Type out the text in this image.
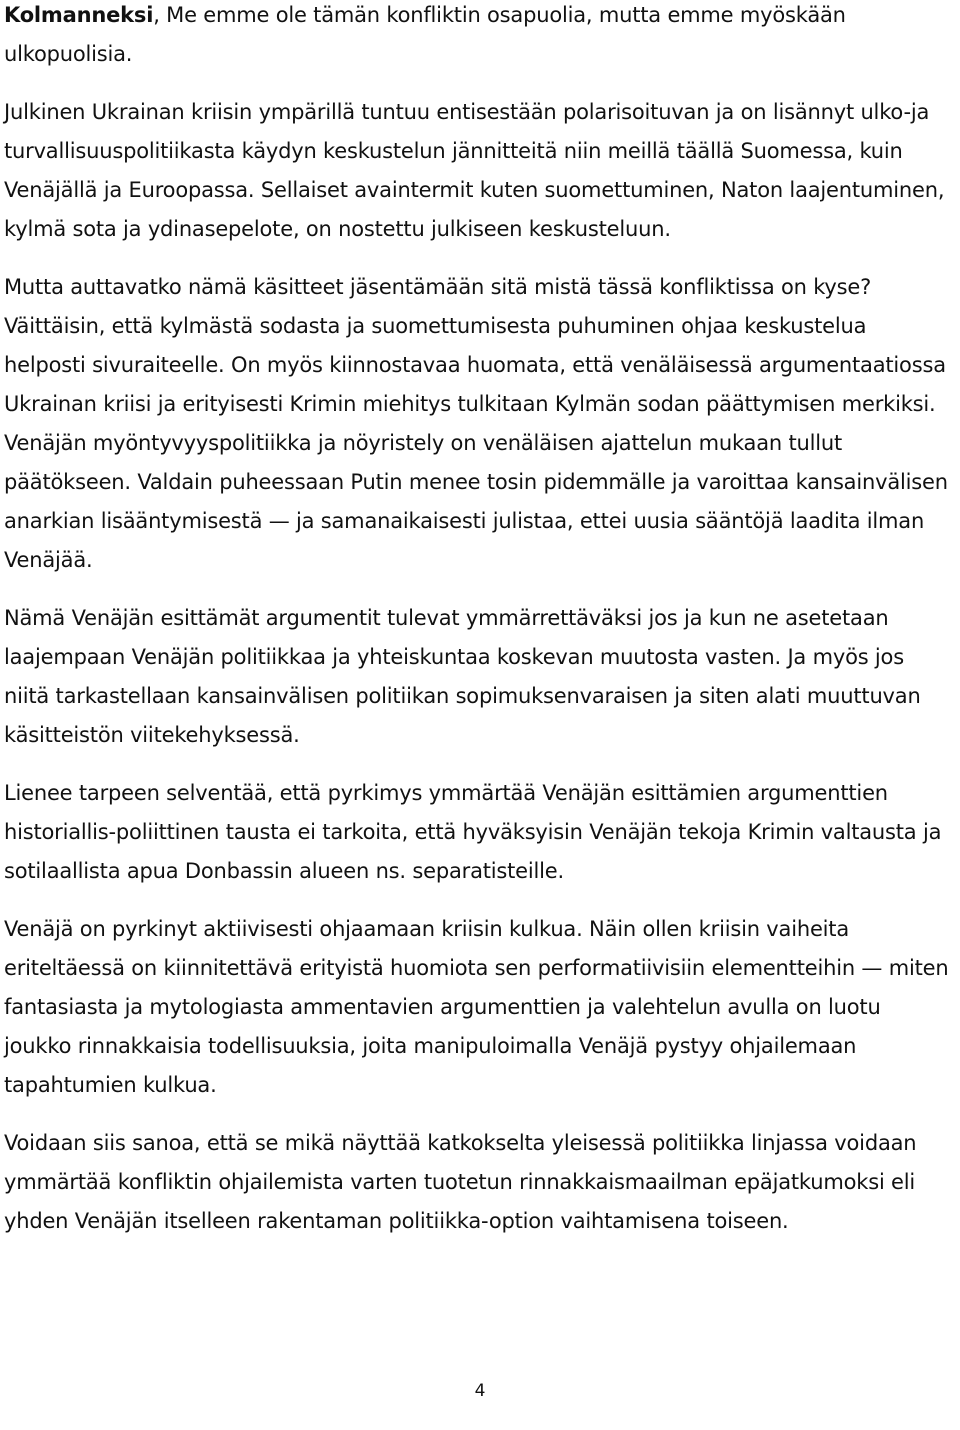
Kolmanneksi, Me emme ole tämän konfliktin osapuolia, mutta emme myöskään ulkopuolisia.

Julkinen Ukrainan kriisin ympärillä tuntuu entisestään polarisoituvan ja on lisännyt ulko-ja turvallisuuspolitiikasta käydyn keskustelun jännitteitä niin meillä täällä Suomessa, kuin Venäjällä ja Euroopassa. Sellaiset avaintermit kuten suomettuminen, Naton laajentuminen, kylmä sota ja ydinasepelote, on nostettu julkiseen keskusteluun.

Mutta auttavatko nämä käsitteet jäsentämään sitä mistä tässä konfliktissa on kyse? Väittäisin, että kylmästä sodasta ja suomettumisesta puhuminen ohjaa keskustelua helposti sivuraiteelle. On myös kiinnostavaa huomata, että venäläisessä argumentaatiossa Ukrainan kriisi ja erityisesti Krimin miehitys tulkitaan Kylmän sodan päättymisen merkiksi. Venäjän myöntyvyyspolitiikka ja nöyristely on venäläisen ajattelun mukaan tullut päätökseen. Valdain puheessaan Putin menee tosin pidemmälle ja varoittaa kansainvälisen anarkian lisääntymisestä — ja samanaikaisesti julistaa, ettei uusia sääntöjä laadita ilman Venäjää.

Nämä Venäjän esittämät argumentit tulevat ymmärrettäväksi jos ja kun ne asetetaan laajempaan Venäjän politiikkaa ja yhteiskuntaa koskevan muutosta vasten. Ja myös jos niitä tarkastellaan kansainvälisen politiikan sopimuksenvaraisen ja siten alati muuttuvan käsitteistön viitekehyksessä.

Lienee tarpeen selventää, että pyrkimys ymmärtää Venäjän esittämien argumenttien historiallis-poliittinen tausta ei tarkoita, että hyväksyisin Venäjän tekoja Krimin valtausta ja sotilaallista apua Donbassin alueen ns. separatisteille.

Venäjä on pyrkinyt aktiivisesti ohjaamaan kriisin kulkua. Näin ollen kriisin vaiheita eriteltäessä on kiinnitettävä erityistä huomiota sen performatiivisiin elementteihin — miten fantasiasta ja mytologiasta ammentavien argumenttien ja valehtelun avulla on luotu joukko rinnakkaisia todellisuuksia, joita manipuloimalla Venäjä pystyy ohjailemaan tapahtumien kulkua.

Voidaan siis sanoa, että se mikä näyttää katkokselta yleisessä politiikka linjassa voidaan ymmärtää konfliktin ohjailemista varten tuotetun rinnakkaismaailman epäjatkumoksi eli yhden Venäjän itselleen rakentaman politiikka-option vaihtamisena toiseen.

4
